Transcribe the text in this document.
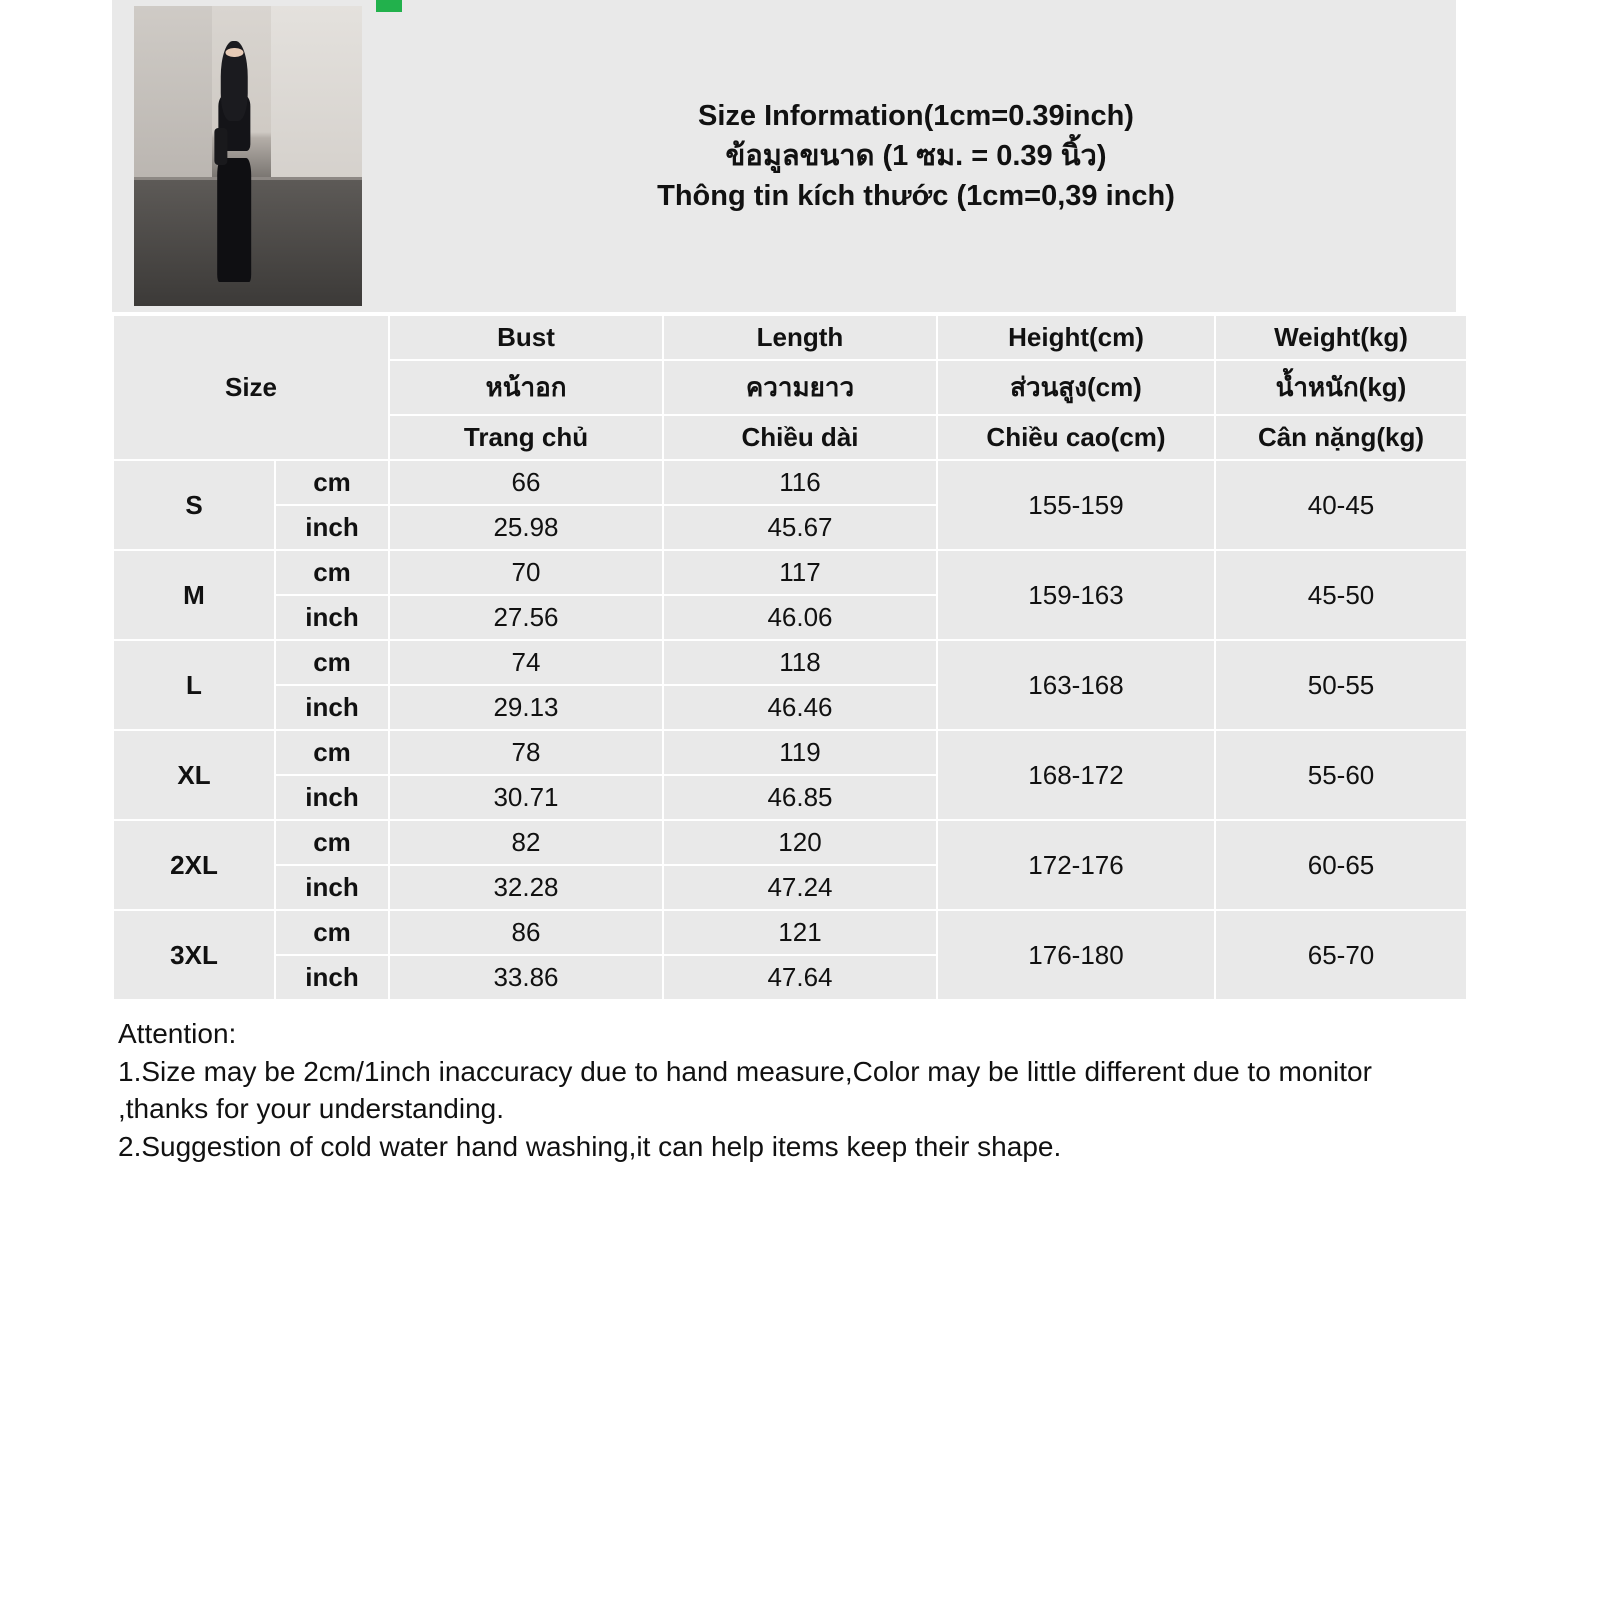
Size Information(1cm=0.39inch)
ข้อมูลขนาด (1 ซม. = 0.39 นิ้ว)
Thông tin kích thước (1cm=0,39 inch)
Size		Bust	Length	Height(cm)	Weight(kg)
		หน้าอก	ความยาว	ส่วนสูง(cm)	น้ำหนัก(kg)
		Trang chủ	Chiều dài	Chiều cao(cm)	Cân nặng(kg)
S	cm	66	116	155-159	40-45
	inch	25.98	45.67		
M	cm	70	117	159-163	45-50
	inch	27.56	46.06		
L	cm	74	118	163-168	50-55
	inch	29.13	46.46		
XL	cm	78	119	168-172	55-60
	inch	30.71	46.85		
2XL	cm	82	120	172-176	60-65
	inch	32.28	47.24		
3XL	cm	86	121	176-180	65-70
	inch	33.86	47.64		
Attention:
1.Size may be 2cm/1inch inaccuracy due to hand measure,Color may be little different due to monitor ,thanks for your understanding.
2.Suggestion of cold water hand washing,it can help items keep their shape.
